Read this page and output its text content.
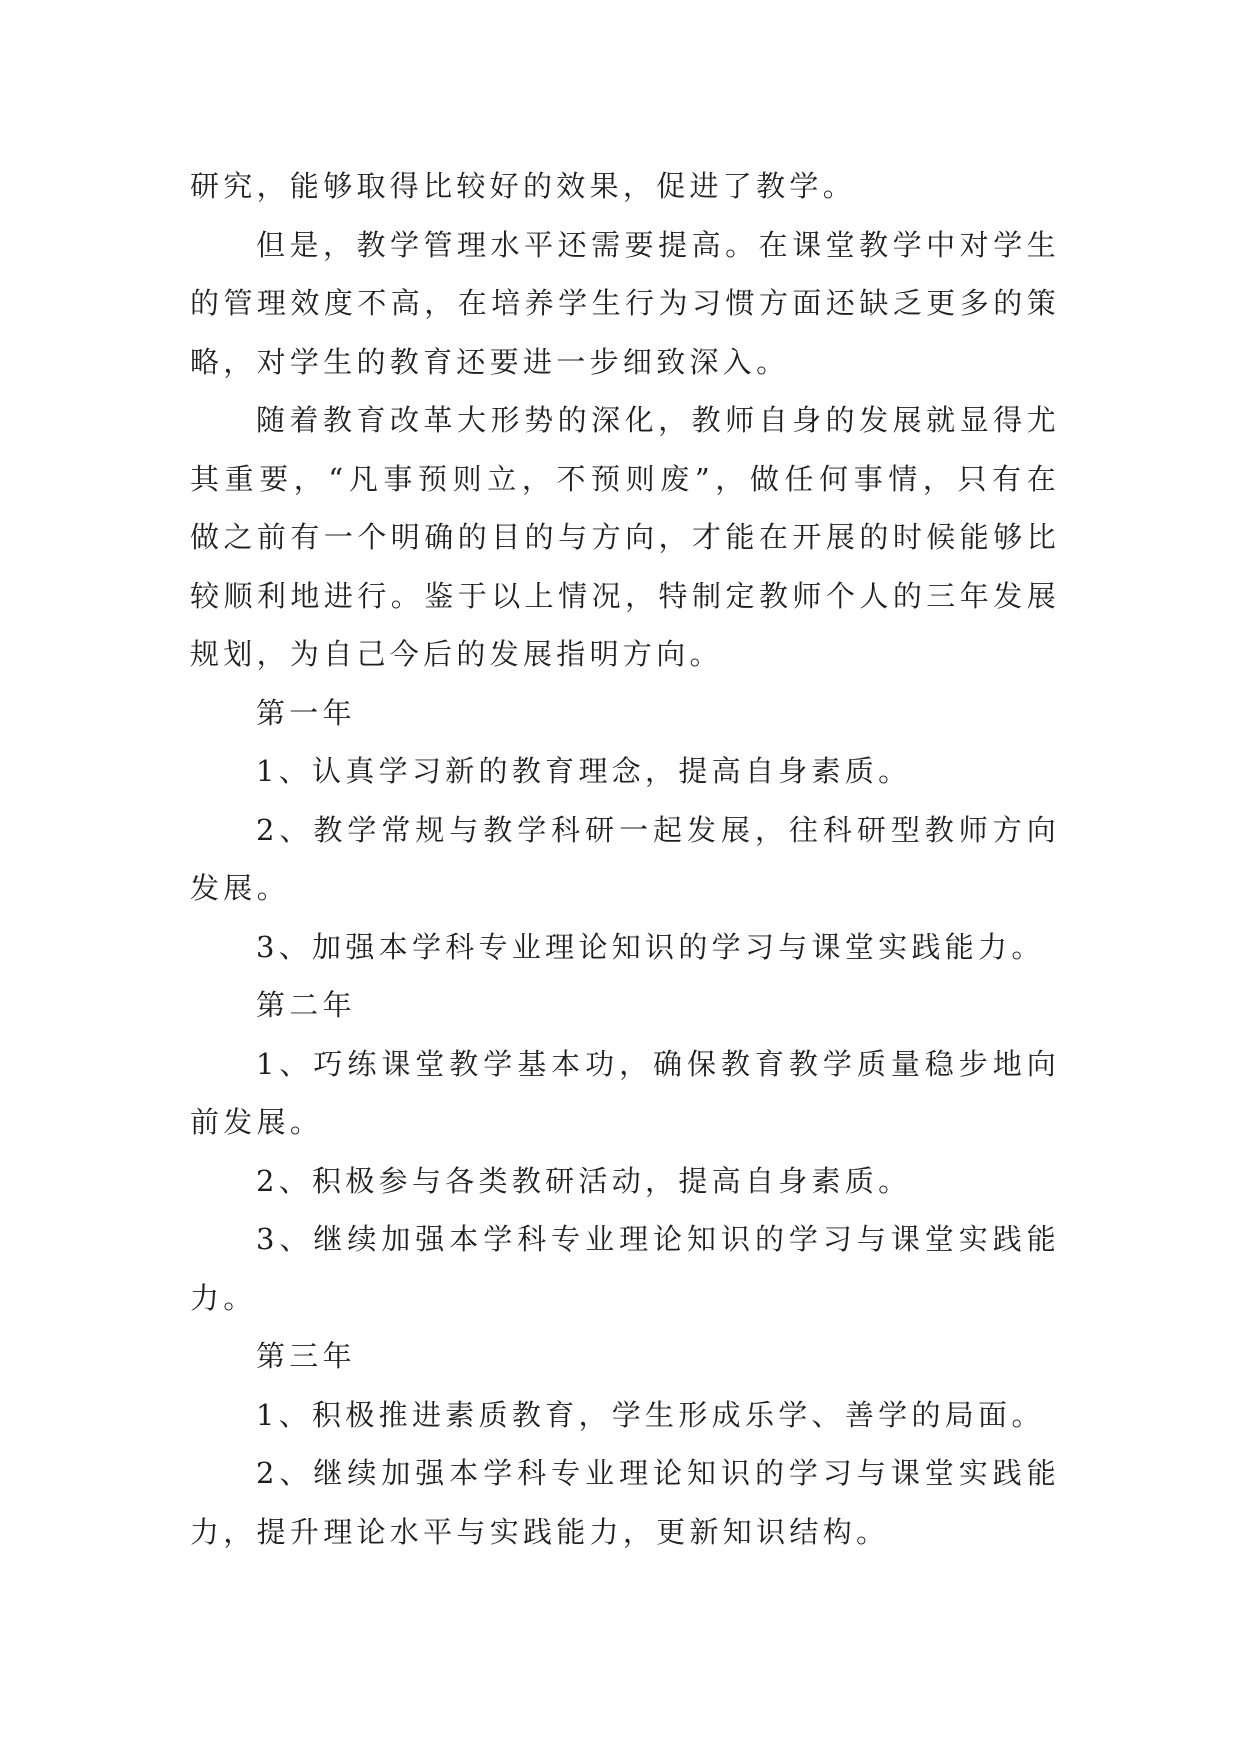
研究，能够取得比较好的效果，促进了教学。

但是，教学管理水平还需要提高。在课堂教学中对学生的管理效度不高，在培养学生行为习惯方面还缺乏更多的策略，对学生的教育还要进一步细致深入。

随着教育改革大形势的深化，教师自身的发展就显得尤其重要，“凡事预则立，不预则废”，做任何事情，只有在做之前有一个明确的目的与方向，才能在开展的时候能够比较顺利地进行。鉴于以上情况，特制定教师个人的三年发展规划，为自己今后的发展指明方向。

第一年

1、认真学习新的教育理念，提高自身素质。

2、教学常规与教学科研一起发展，往科研型教师方向发展。

3、加强本学科专业理论知识的学习与课堂实践能力。

第二年

1、巧练课堂教学基本功，确保教育教学质量稳步地向前发展。

2、积极参与各类教研活动，提高自身素质。

3、继续加强本学科专业理论知识的学习与课堂实践能力。

第三年

1、积极推进素质教育，学生形成乐学、善学的局面。

2、继续加强本学科专业理论知识的学习与课堂实践能力，提升理论水平与实践能力，更新知识结构。
